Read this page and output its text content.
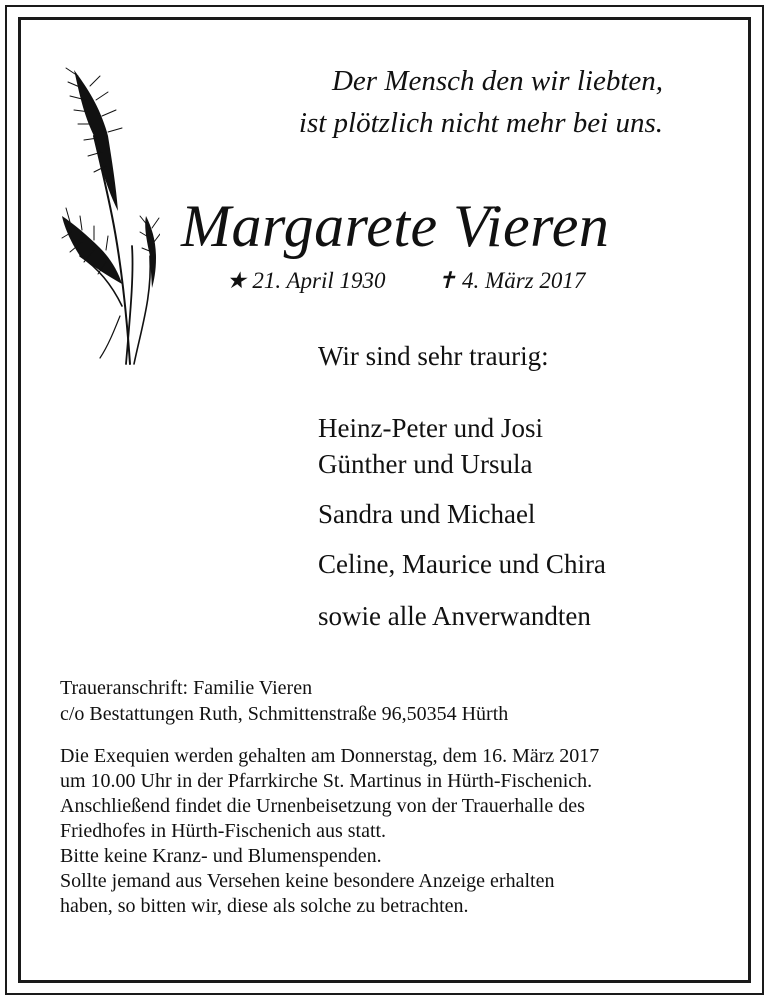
Der Mensch den wir liebten,
ist plötzlich nicht mehr bei uns.
Margarete Vieren
★ 21. April 1930 ✝ 4. März 2017
Wir sind sehr traurig:
Heinz-Peter und Josi
Günther und Ursula
Sandra und Michael
Celine, Maurice und Chira
sowie alle Anverwandten
Traueranschrift: Familie Vieren
c/o Bestattungen Ruth, Schmittenstraße 96,50354 Hürth
Die Exequien werden gehalten am Donnerstag, dem 16. März 2017
um 10.00 Uhr in der Pfarrkirche St. Martinus in Hürth-Fischenich.
Anschließend findet die Urnenbeisetzung von der Trauerhalle des
Friedhofes in Hürth-Fischenich aus statt.
Bitte keine Kranz- und Blumenspenden.
Sollte jemand aus Versehen keine besondere Anzeige erhalten
haben, so bitten wir, diese als solche zu betrachten.
